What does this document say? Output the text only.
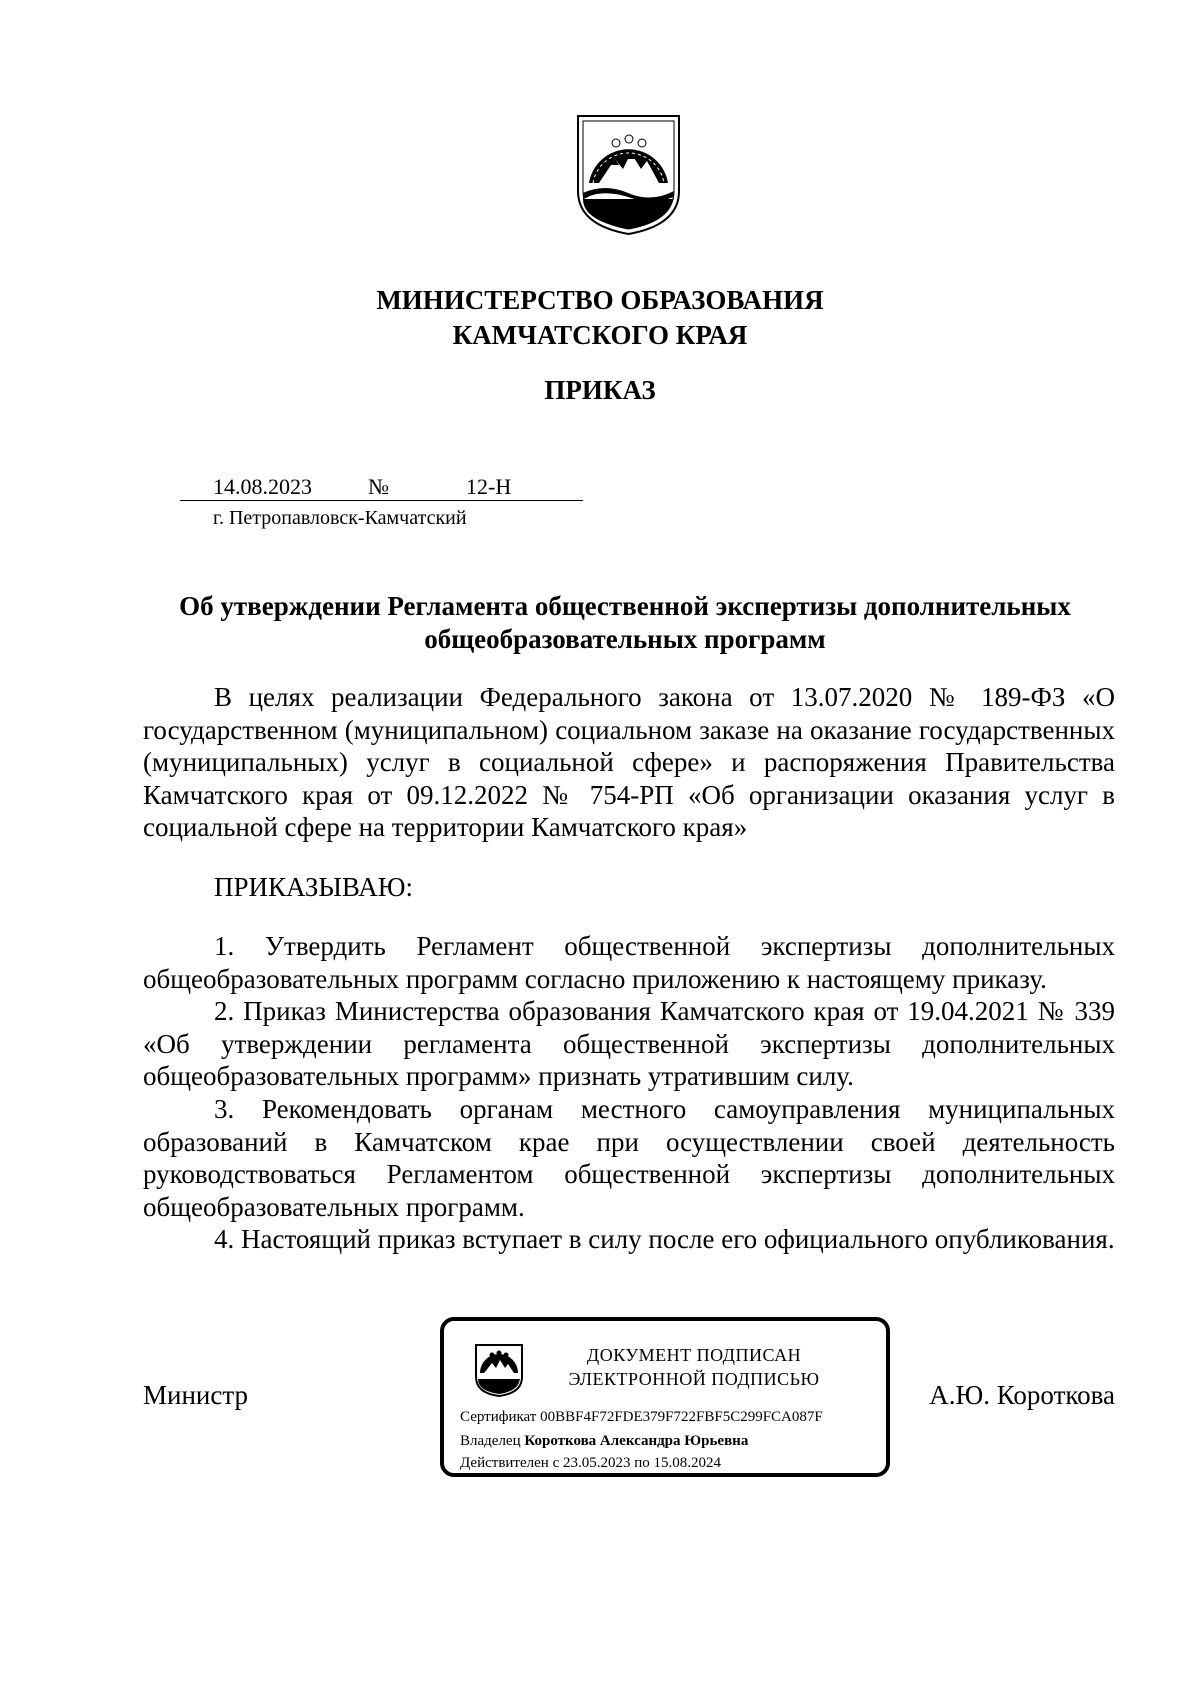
МИНИСТЕРСТВО ОБРАЗОВАНИЯ
КАМЧАТСКОГО КРАЯ
ПРИКАЗ
14.08.2023	№	12-Н
г. Петропавловск-Камчатский
Об утверждении Регламента общественной экспертизы дополнительных
общеобразовательных программ

В целях реализации Федерального закона от 13.07.2020 № 189-ФЗ «О государственном (муниципальном) социальном заказе на оказание государственных (муниципальных) услуг в социальной сфере» и распоряжения Правительства Камчатского края от 09.12.2022 № 754-РП «Об организации оказания услуг в социальной сфере на территории Камчатского края»

ПРИКАЗЫВАЮ:

1. Утвердить Регламент общественной экспертизы дополнительных общеобразовательных программ согласно приложению к настоящему приказу.

2. Приказ Министерства образования Камчатского края от 19.04.2021 № 339 «Об утверждении регламента общественной экспертизы дополнительных общеобразовательных программ» признать утратившим силу.

3. Рекомендовать органам местного самоуправления муниципальных образований в Камчатском крае при осуществлении своей деятельность руководствоваться Регламентом общественной экспертизы дополнительных общеобразовательных программ.

4. Настоящий приказ вступает в силу после его официального опубликования.

Министр	А.Ю. Короткова
ДОКУМЕНТ ПОДПИСАН
ЭЛЕКТРОННОЙ ПОДПИСЬЮ
Сертификат 00BBF4F72FDE379F722FBF5C299FCA087F
Владелец Короткова Александра Юрьевна
Действителен с 23.05.2023 по 15.08.2024
